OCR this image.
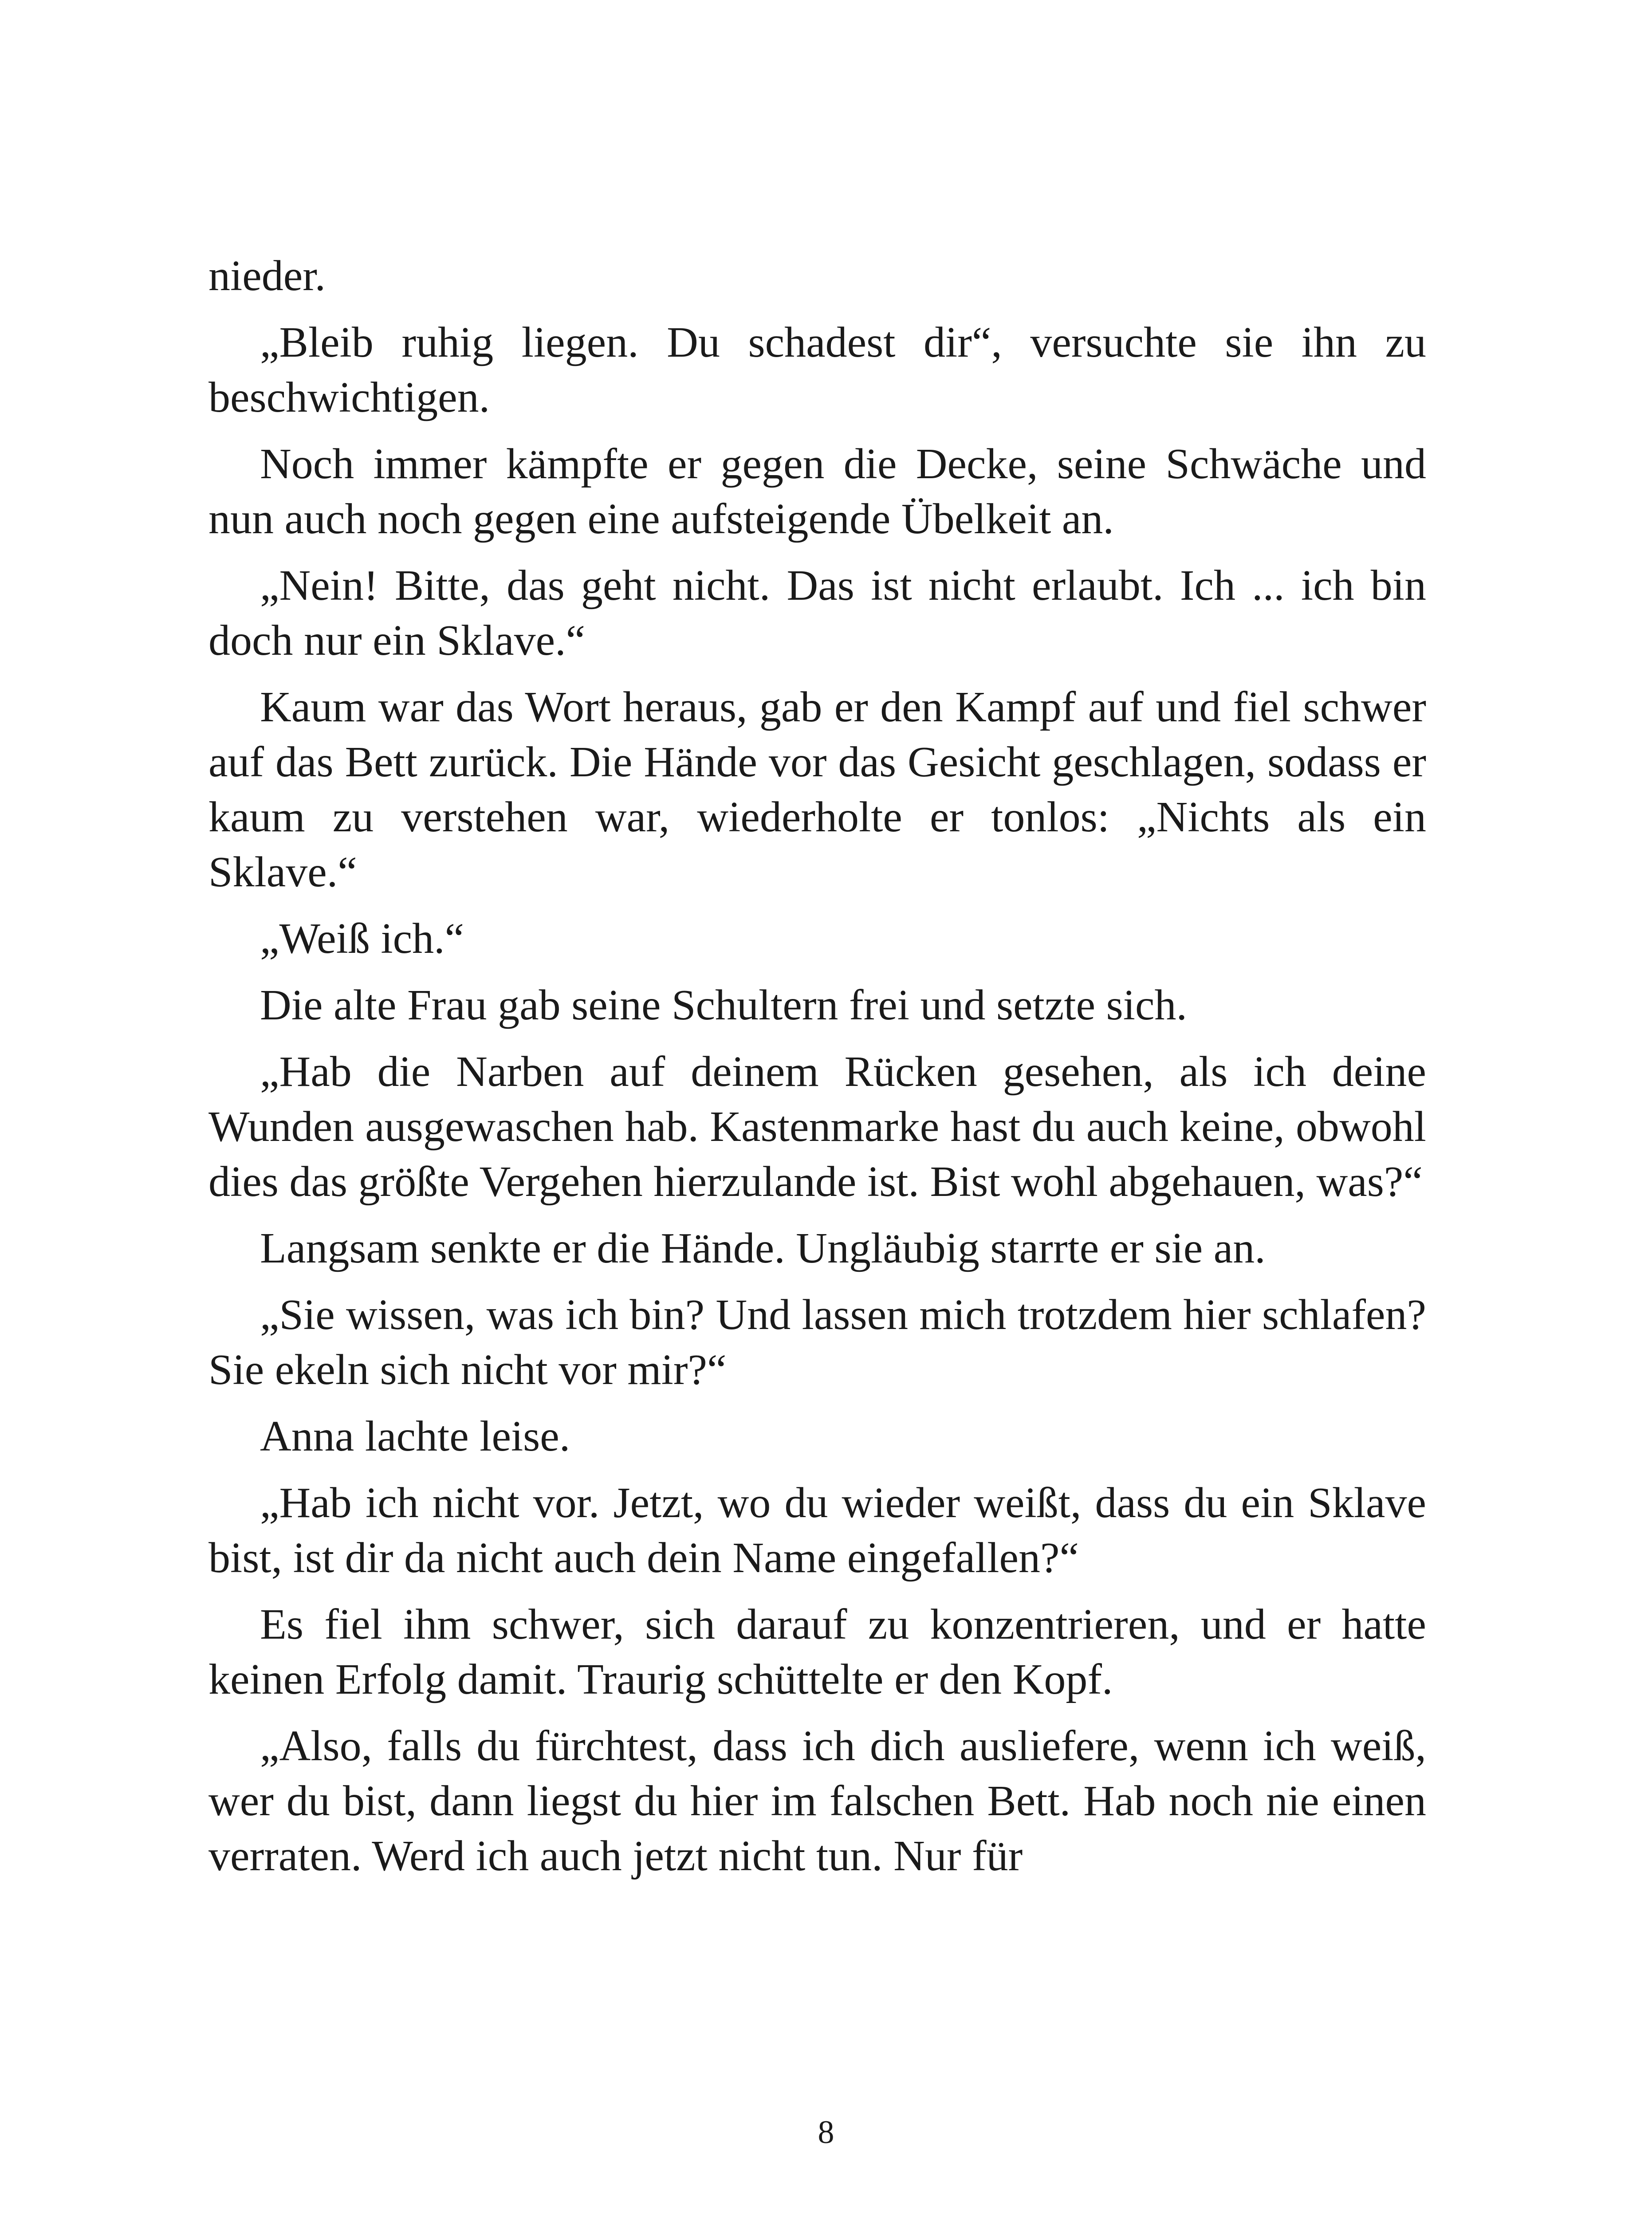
nieder.

„Bleib ruhig liegen. Du schadest dir“, versuchte sie ihn zu beschwichtigen.

Noch immer kämpfte er gegen die Decke, seine Schwäche und nun auch noch gegen eine aufsteigende Übelkeit an.

„Nein! Bitte, das geht nicht. Das ist nicht erlaubt. Ich ... ich bin doch nur ein Sklave.“

Kaum war das Wort heraus, gab er den Kampf auf und fiel schwer auf das Bett zurück. Die Hände vor das Gesicht geschlagen, sodass er kaum zu verstehen war, wiederholte er tonlos: „Nichts als ein Sklave.“

„Weiß ich.“

Die alte Frau gab seine Schultern frei und setzte sich.

„Hab die Narben auf deinem Rücken gesehen, als ich deine Wunden ausgewaschen hab. Kastenmarke hast du auch keine, obwohl dies das größte Vergehen hierzulande ist. Bist wohl abgehauen, was?“

Langsam senkte er die Hände. Ungläubig starrte er sie an.

„Sie wissen, was ich bin? Und lassen mich trotzdem hier schlafen? Sie ekeln sich nicht vor mir?“

Anna lachte leise.

„Hab ich nicht vor. Jetzt, wo du wieder weißt, dass du ein Sklave bist, ist dir da nicht auch dein Name eingefallen?“

Es fiel ihm schwer, sich darauf zu konzentrieren, und er hatte keinen Erfolg damit. Traurig schüttelte er den Kopf.

„Also, falls du fürchtest, dass ich dich ausliefere, wenn ich weiß, wer du bist, dann liegst du hier im falschen Bett. Hab noch nie einen verraten. Werd ich auch jetzt nicht tun. Nur für

8
